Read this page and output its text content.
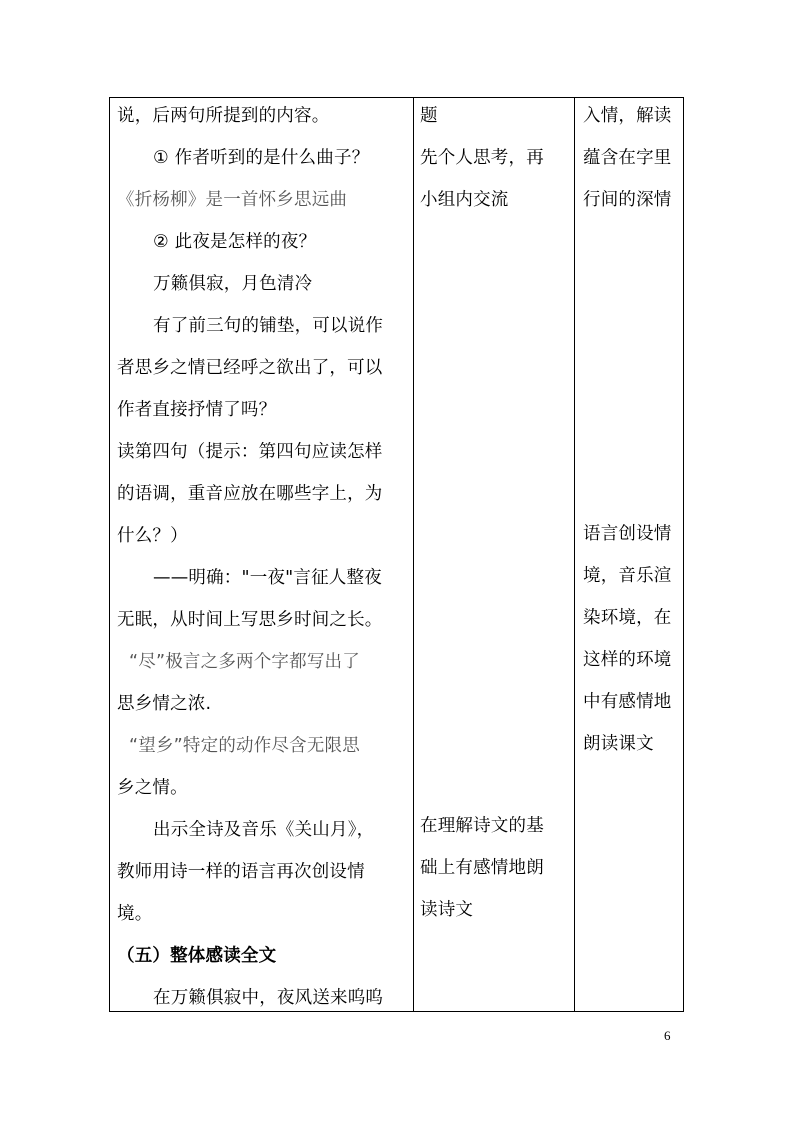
说，后两句所提到的内容。
① 作者听到的是什么曲子？
《折杨柳》是一首怀乡思远曲
② 此夜是怎样的夜？
万籁俱寂，月色清冷
有了前三句的铺垫，可以说作
者思乡之情已经呼之欲出了，可以
作者直接抒情了吗？
读第四句（提示：第四句应读怎样
的语调，重音应放在哪些字上，为
什么？）
——明确："一夜"言征人整夜
无眠，从时间上写思乡时间之长。
“尽”极言之多两个字都写出了
思乡情之浓.
“望乡”特定的动作尽含无限思
乡之情。
出示全诗及音乐《关山月》，
教师用诗一样的语言再次创设情
境。
（五）整体感读全文
在万籁俱寂中，夜风送来呜呜
题
先个人思考，再
小组内交流
在理解诗文的基
础上有感情地朗
读诗文
入情，解读
蕴含在字里
行间的深情
语言创设情
境，音乐渲
染环境，在
这样的环境
中有感情地
朗读课文
6
